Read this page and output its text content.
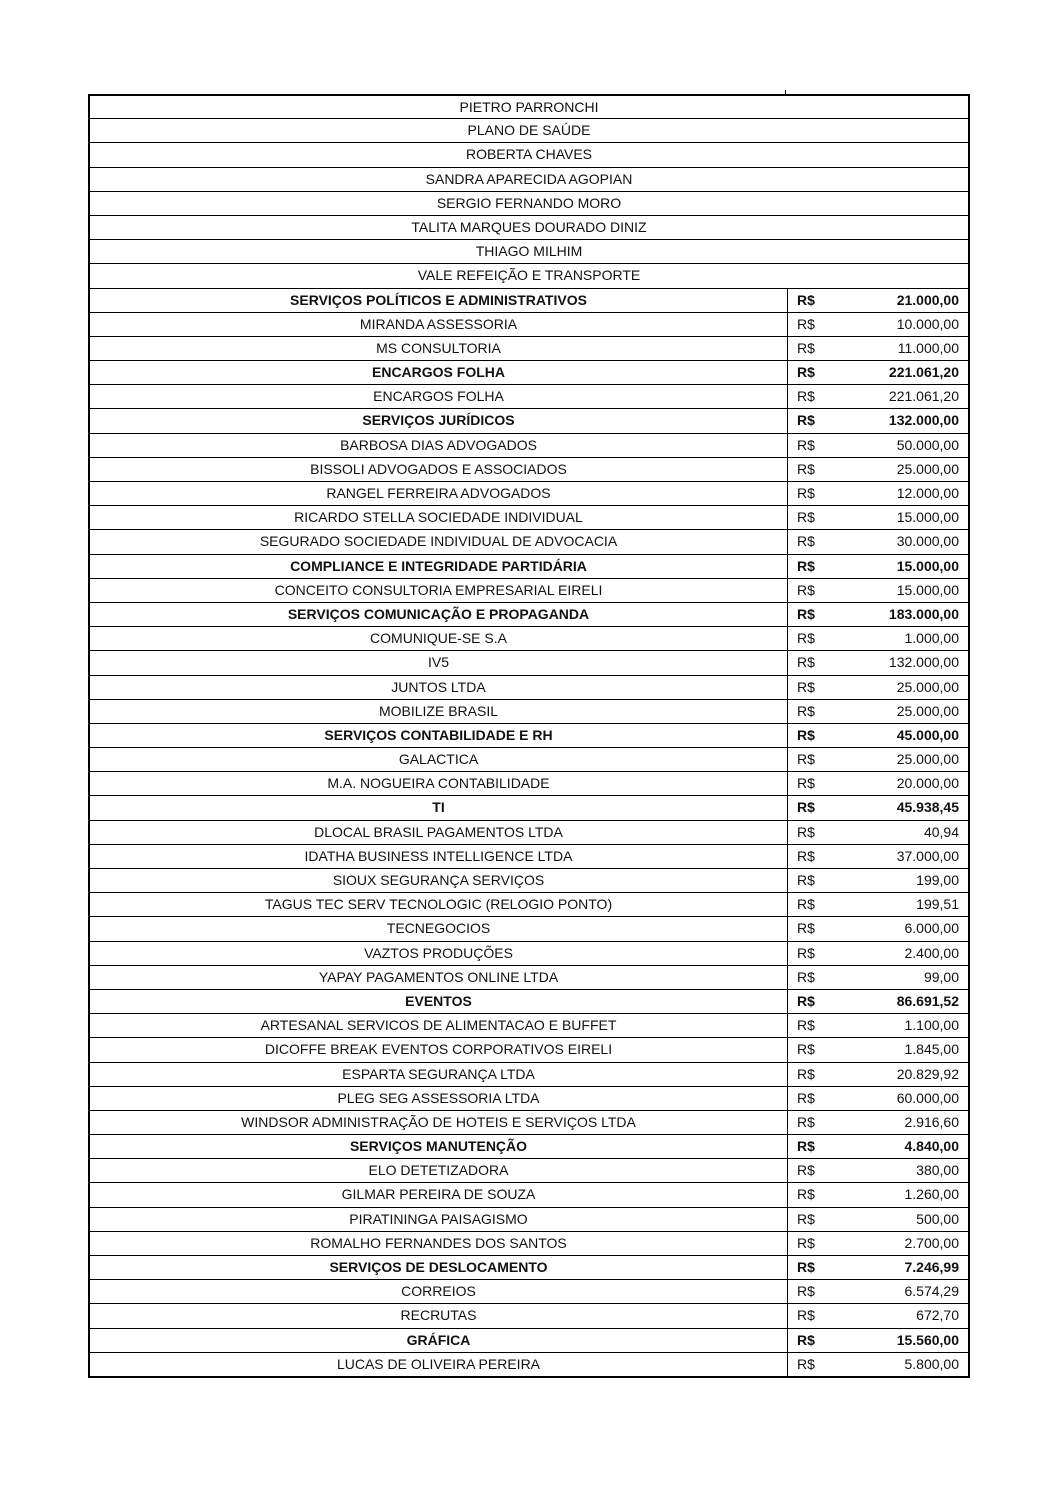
PIETRO PARRONCHI
PLANO DE SAÚDE
ROBERTA CHAVES
SANDRA APARECIDA AGOPIAN
SERGIO FERNANDO MORO
TALITA MARQUES DOURADO DINIZ
THIAGO MILHIM
VALE REFEIÇÃO E TRANSPORTE
SERVIÇOS POLÍTICOS E ADMINISTRATIVOS	R$	21.000,00
MIRANDA ASSESSORIA	R$	10.000,00
MS CONSULTORIA	R$	11.000,00
ENCARGOS FOLHA	R$	221.061,20
ENCARGOS FOLHA	R$	221.061,20
SERVIÇOS JURÍDICOS	R$	132.000,00
BARBOSA DIAS ADVOGADOS	R$	50.000,00
BISSOLI ADVOGADOS E ASSOCIADOS	R$	25.000,00
RANGEL FERREIRA ADVOGADOS	R$	12.000,00
RICARDO STELLA SOCIEDADE INDIVIDUAL	R$	15.000,00
SEGURADO SOCIEDADE INDIVIDUAL DE ADVOCACIA	R$	30.000,00
COMPLIANCE E INTEGRIDADE PARTIDÁRIA	R$	15.000,00
CONCEITO CONSULTORIA EMPRESARIAL EIRELI	R$	15.000,00
SERVIÇOS COMUNICAÇÃO E PROPAGANDA	R$	183.000,00
COMUNIQUE-SE S.A	R$	1.000,00
IV5	R$	132.000,00
JUNTOS LTDA	R$	25.000,00
MOBILIZE BRASIL	R$	25.000,00
SERVIÇOS CONTABILIDADE E RH	R$	45.000,00
GALACTICA	R$	25.000,00
M.A. NOGUEIRA CONTABILIDADE	R$	20.000,00
TI	R$	45.938,45
DLOCAL BRASIL PAGAMENTOS LTDA	R$	40,94
IDATHA BUSINESS INTELLIGENCE LTDA	R$	37.000,00
SIOUX SEGURANÇA SERVIÇOS	R$	199,00
TAGUS TEC SERV TECNOLOGIC (RELOGIO PONTO)	R$	199,51
TECNEGOCIOS	R$	6.000,00
VAZTOS PRODUÇÕES	R$	2.400,00
YAPAY PAGAMENTOS ONLINE LTDA	R$	99,00
EVENTOS	R$	86.691,52
ARTESANAL SERVICOS DE ALIMENTACAO E BUFFET	R$	1.100,00
DICOFFE BREAK EVENTOS CORPORATIVOS EIRELI	R$	1.845,00
ESPARTA SEGURANÇA LTDA	R$	20.829,92
PLEG SEG ASSESSORIA LTDA	R$	60.000,00
WINDSOR ADMINISTRAÇÃO DE HOTEIS E SERVIÇOS LTDA	R$	2.916,60
SERVIÇOS MANUTENÇÃO	R$	4.840,00
ELO DETETIZADORA	R$	380,00
GILMAR PEREIRA DE SOUZA	R$	1.260,00
PIRATININGA PAISAGISMO	R$	500,00
ROMALHO FERNANDES DOS SANTOS	R$	2.700,00
SERVIÇOS DE DESLOCAMENTO	R$	7.246,99
CORREIOS	R$	6.574,29
RECRUTAS	R$	672,70
GRÁFICA	R$	15.560,00
LUCAS DE OLIVEIRA PEREIRA	R$	5.800,00
